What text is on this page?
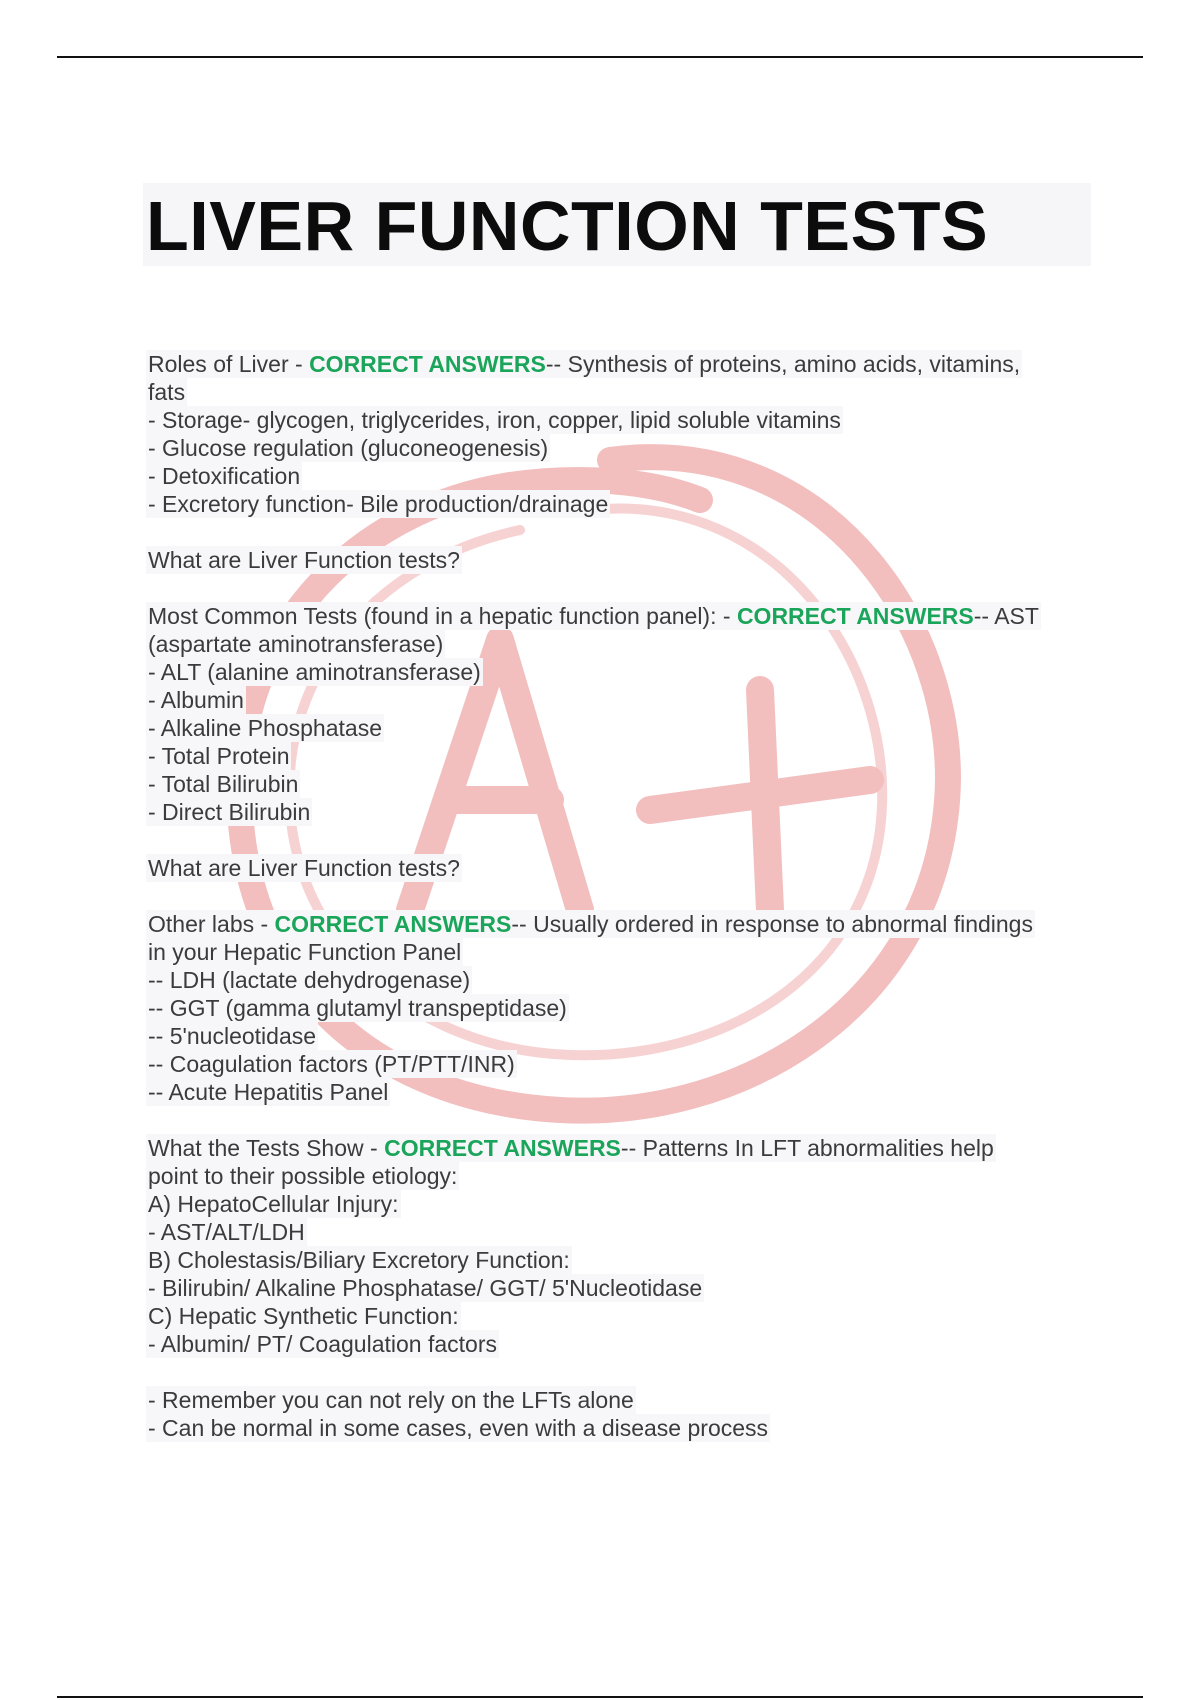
LIVER FUNCTION TESTS
Roles of Liver - CORRECT ANSWERS-- Synthesis of proteins, amino acids, vitamins,
fats
- Storage- glycogen, triglycerides, iron, copper, lipid soluble vitamins
- Glucose regulation (gluconeogenesis)
- Detoxification
- Excretory function- Bile production/drainage
What are Liver Function tests?
Most Common Tests (found in a hepatic function panel): - CORRECT ANSWERS-- AST
(aspartate aminotransferase)
- ALT (alanine aminotransferase)
- Albumin
- Alkaline Phosphatase
- Total Protein
- Total Bilirubin
- Direct Bilirubin
What are Liver Function tests?
Other labs - CORRECT ANSWERS-- Usually ordered in response to abnormal findings
in your Hepatic Function Panel
-- LDH (lactate dehydrogenase)
-- GGT (gamma glutamyl transpeptidase)
-- 5'nucleotidase
-- Coagulation factors (PT/PTT/INR)
-- Acute Hepatitis Panel
What the Tests Show - CORRECT ANSWERS-- Patterns In LFT abnormalities help
point to their possible etiology:
A) HepatoCellular Injury:
- AST/ALT/LDH
B) Cholestasis/Biliary Excretory Function:
- Bilirubin/ Alkaline Phosphatase/ GGT/ 5'Nucleotidase
C) Hepatic Synthetic Function:
- Albumin/ PT/ Coagulation factors
- Remember you can not rely on the LFTs alone
- Can be normal in some cases, even with a disease process
